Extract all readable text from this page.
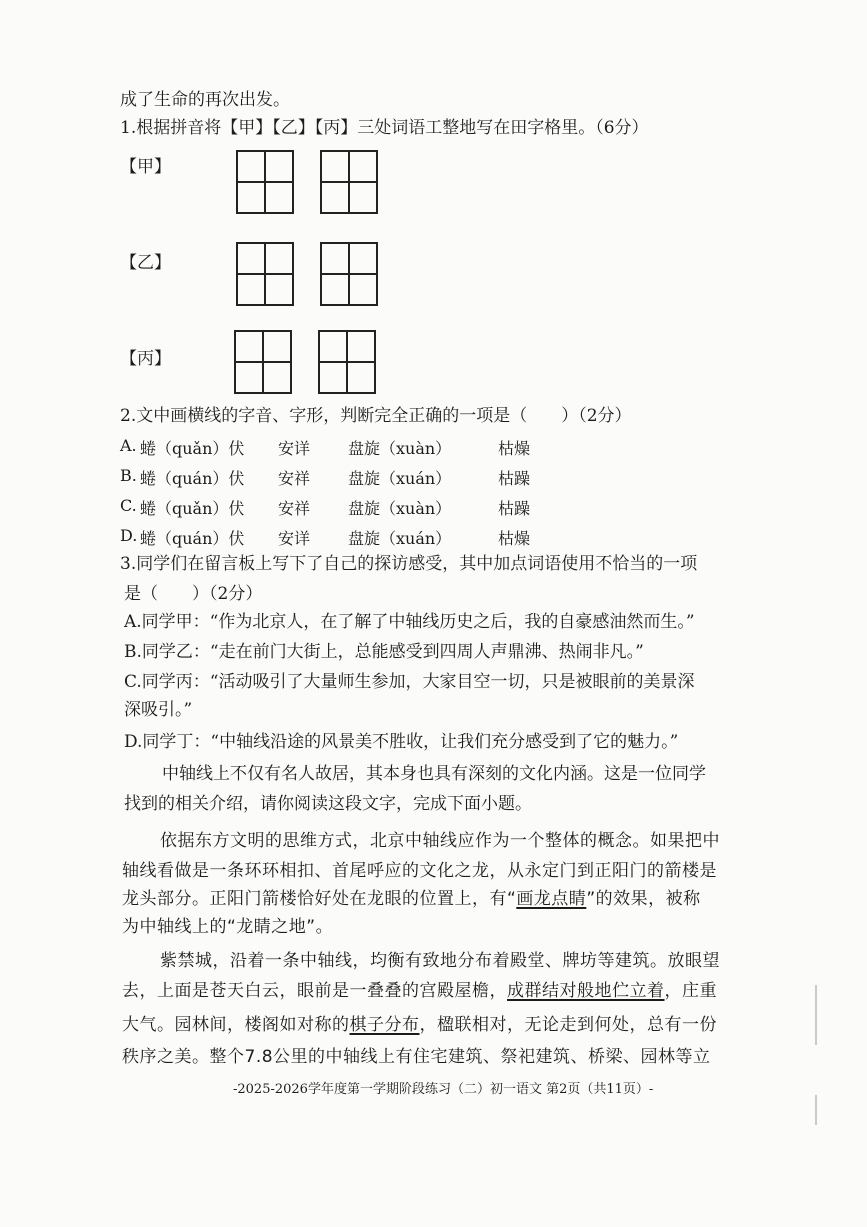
成了生命的再次出发。
1.根据拼音将【甲】【乙】【丙】三处词语工整地写在田字格里。（6分）
【甲】
【乙】
【丙】
2.文中画横线的字音、字形，判断完全正确的一项是（　　）（2分）
A. 蜷（quǎn）伏 安详 盘旋（xuàn）	枯燥
B. 蜷（quán）伏 安祥 盘旋（xuán）	枯躁
C. 蜷（quǎn）伏 安祥 盘旋（xuàn）	枯躁
D. 蜷（quán）伏 安详 盘旋（xuán）	枯燥
3.同学们在留言板上写下了自己的探访感受，其中加点词语使用不恰当的一项
是（　　）（2分）
A.同学甲：“作为北京人，在了解了中轴线历史之后，我的自豪感油然而生。”
B.同学乙：“走在前门大街上，总能感受到四周人声鼎沸、热闹非凡。”
C.同学丙：“活动吸引了大量师生参加，大家目空一切，只是被眼前的美景深
深吸引。”
D.同学丁：“中轴线沿途的风景美不胜收，让我们充分感受到了它的魅力。”
中轴线上不仅有名人故居，其本身也具有深刻的文化内涵。这是一位同学
找到的相关介绍，请你阅读这段文字，完成下面小题。
依据东方文明的思维方式，北京中轴线应作为一个整体的概念。如果把中
轴线看做是一条环环相扣、首尾呼应的文化之龙，从永定门到正阳门的箭楼是
龙头部分。正阳门箭楼恰好处在龙眼的位置上，有“画龙点睛”的效果，被称
为中轴线上的“龙睛之地”。
紫禁城，沿着一条中轴线，均衡有致地分布着殿堂、牌坊等建筑。放眼望
去，上面是苍天白云，眼前是一叠叠的宫殿屋檐，成群结对般地伫立着，庄重
大气。园林间，楼阁如对称的棋子分布，楹联相对，无论走到何处，总有一份
秩序之美。整个7.8公里的中轴线上有住宅建筑、祭祀建筑、桥梁、园林等立
-2025-2026学年度第一学期阶段练习（二）初一语文 第2页（共11页）-
